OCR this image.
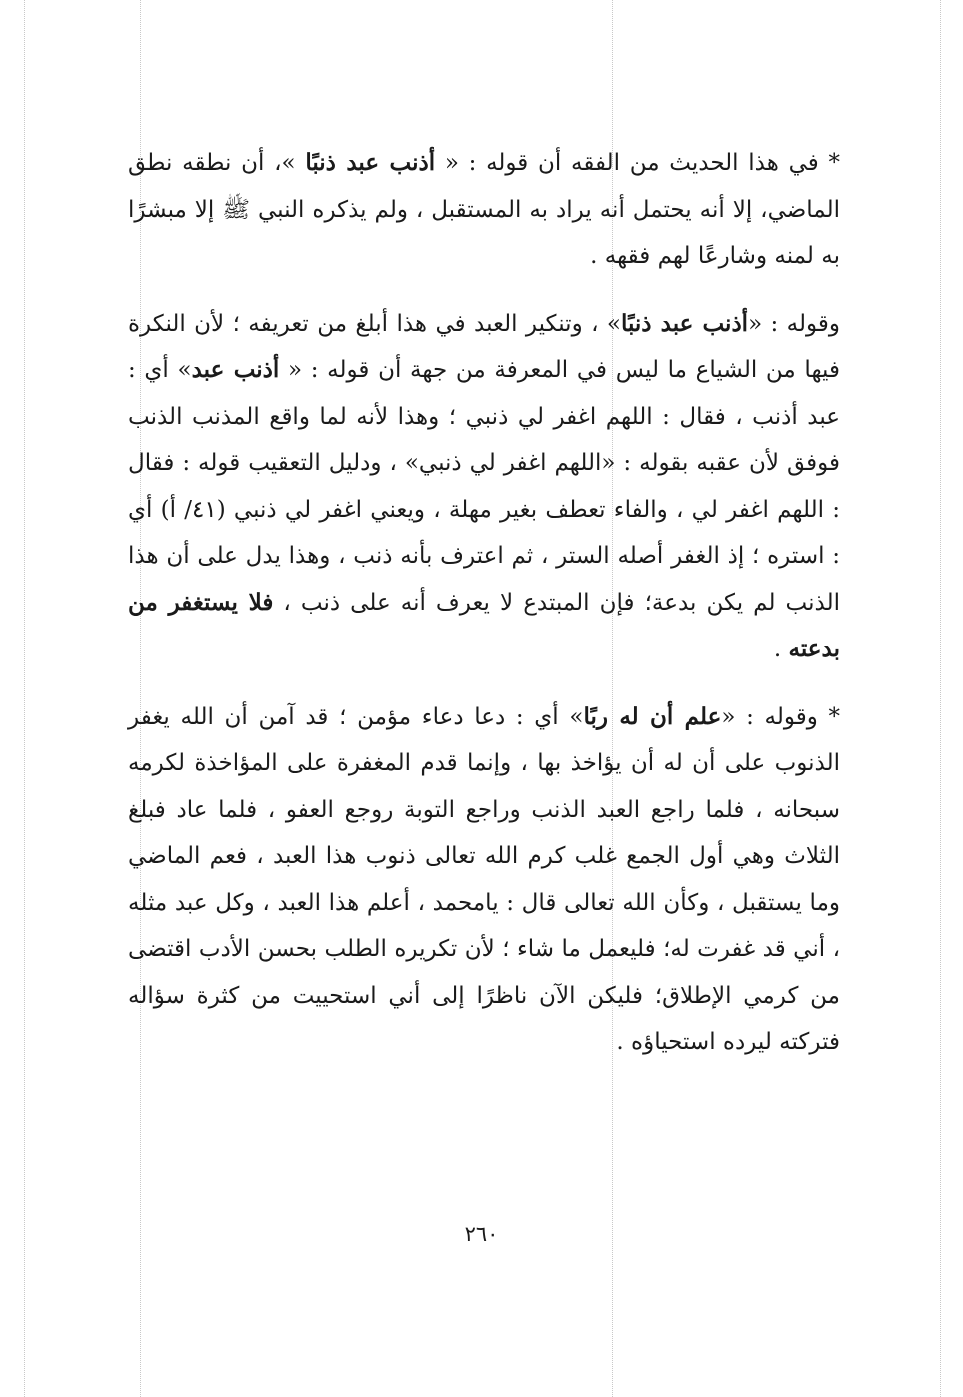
* في هذا الحديث من الفقه أن قوله : « أذنب عبد ذنبًا »، أن نطقه نطق الماضي، إلا أنه يحتمل أنه يراد به المستقبل ، ولم يذكره النبي ﷺ إلا مبشرًا به لمنه وشارعًا لهم فقهه .

وقوله : «أذنب عبد ذنبًا» ، وتنكير العبد في هذا أبلغ من تعريفه ؛ لأن النكرة فيها من الشياع ما ليس في المعرفة من جهة أن قوله : « أذنب عبد» أي : عبد أذنب ، فقال : اللهم اغفر لي ذنبي ؛ وهذا لأنه لما واقع المذنب الذنب فوفق لأن عقبه بقوله : «اللهم اغفر لي ذنبي» ، ودليل التعقيب قوله : فقال : اللهم اغفر لي ، والفاء تعطف بغير مهلة ، ويعني اغفر لي ذنبي (٤١/ أ) أي : استره ؛ إذ الغفر أصله الستر ، ثم اعترف بأنه ذنب ، وهذا يدل على أن هذا الذنب لم يكن بدعة؛ فإن المبتدع لا يعرف أنه على ذنب ، فلا يستغفر من بدعته .

* وقوله : «علم أن له ربًا» أي : دعا دعاء مؤمن ؛ قد آمن أن الله يغفر الذنوب على أن له أن يؤاخذ بها ، وإنما قدم المغفرة على المؤاخذة لكرمه سبحانه ، فلما راجع العبد الذنب وراجع التوبة روجع العفو ، فلما عاد فبلغ الثلاث وهي أول الجمع غلب كرم الله تعالى ذنوب هذا العبد ، فعم الماضي وما يستقبل ، وكأن الله تعالى قال : يامحمد ، أعلم هذا العبد ، وكل عبد مثله ، أني قد غفرت له؛ فليعمل ما شاء ؛ لأن تكريره الطلب بحسن الأدب اقتضى من كرمي الإطلاق؛ فليكن الآن ناظرًا إلى أني استحييت من كثرة سؤاله فتركته ليرده استحياؤه .

٢٦٠
